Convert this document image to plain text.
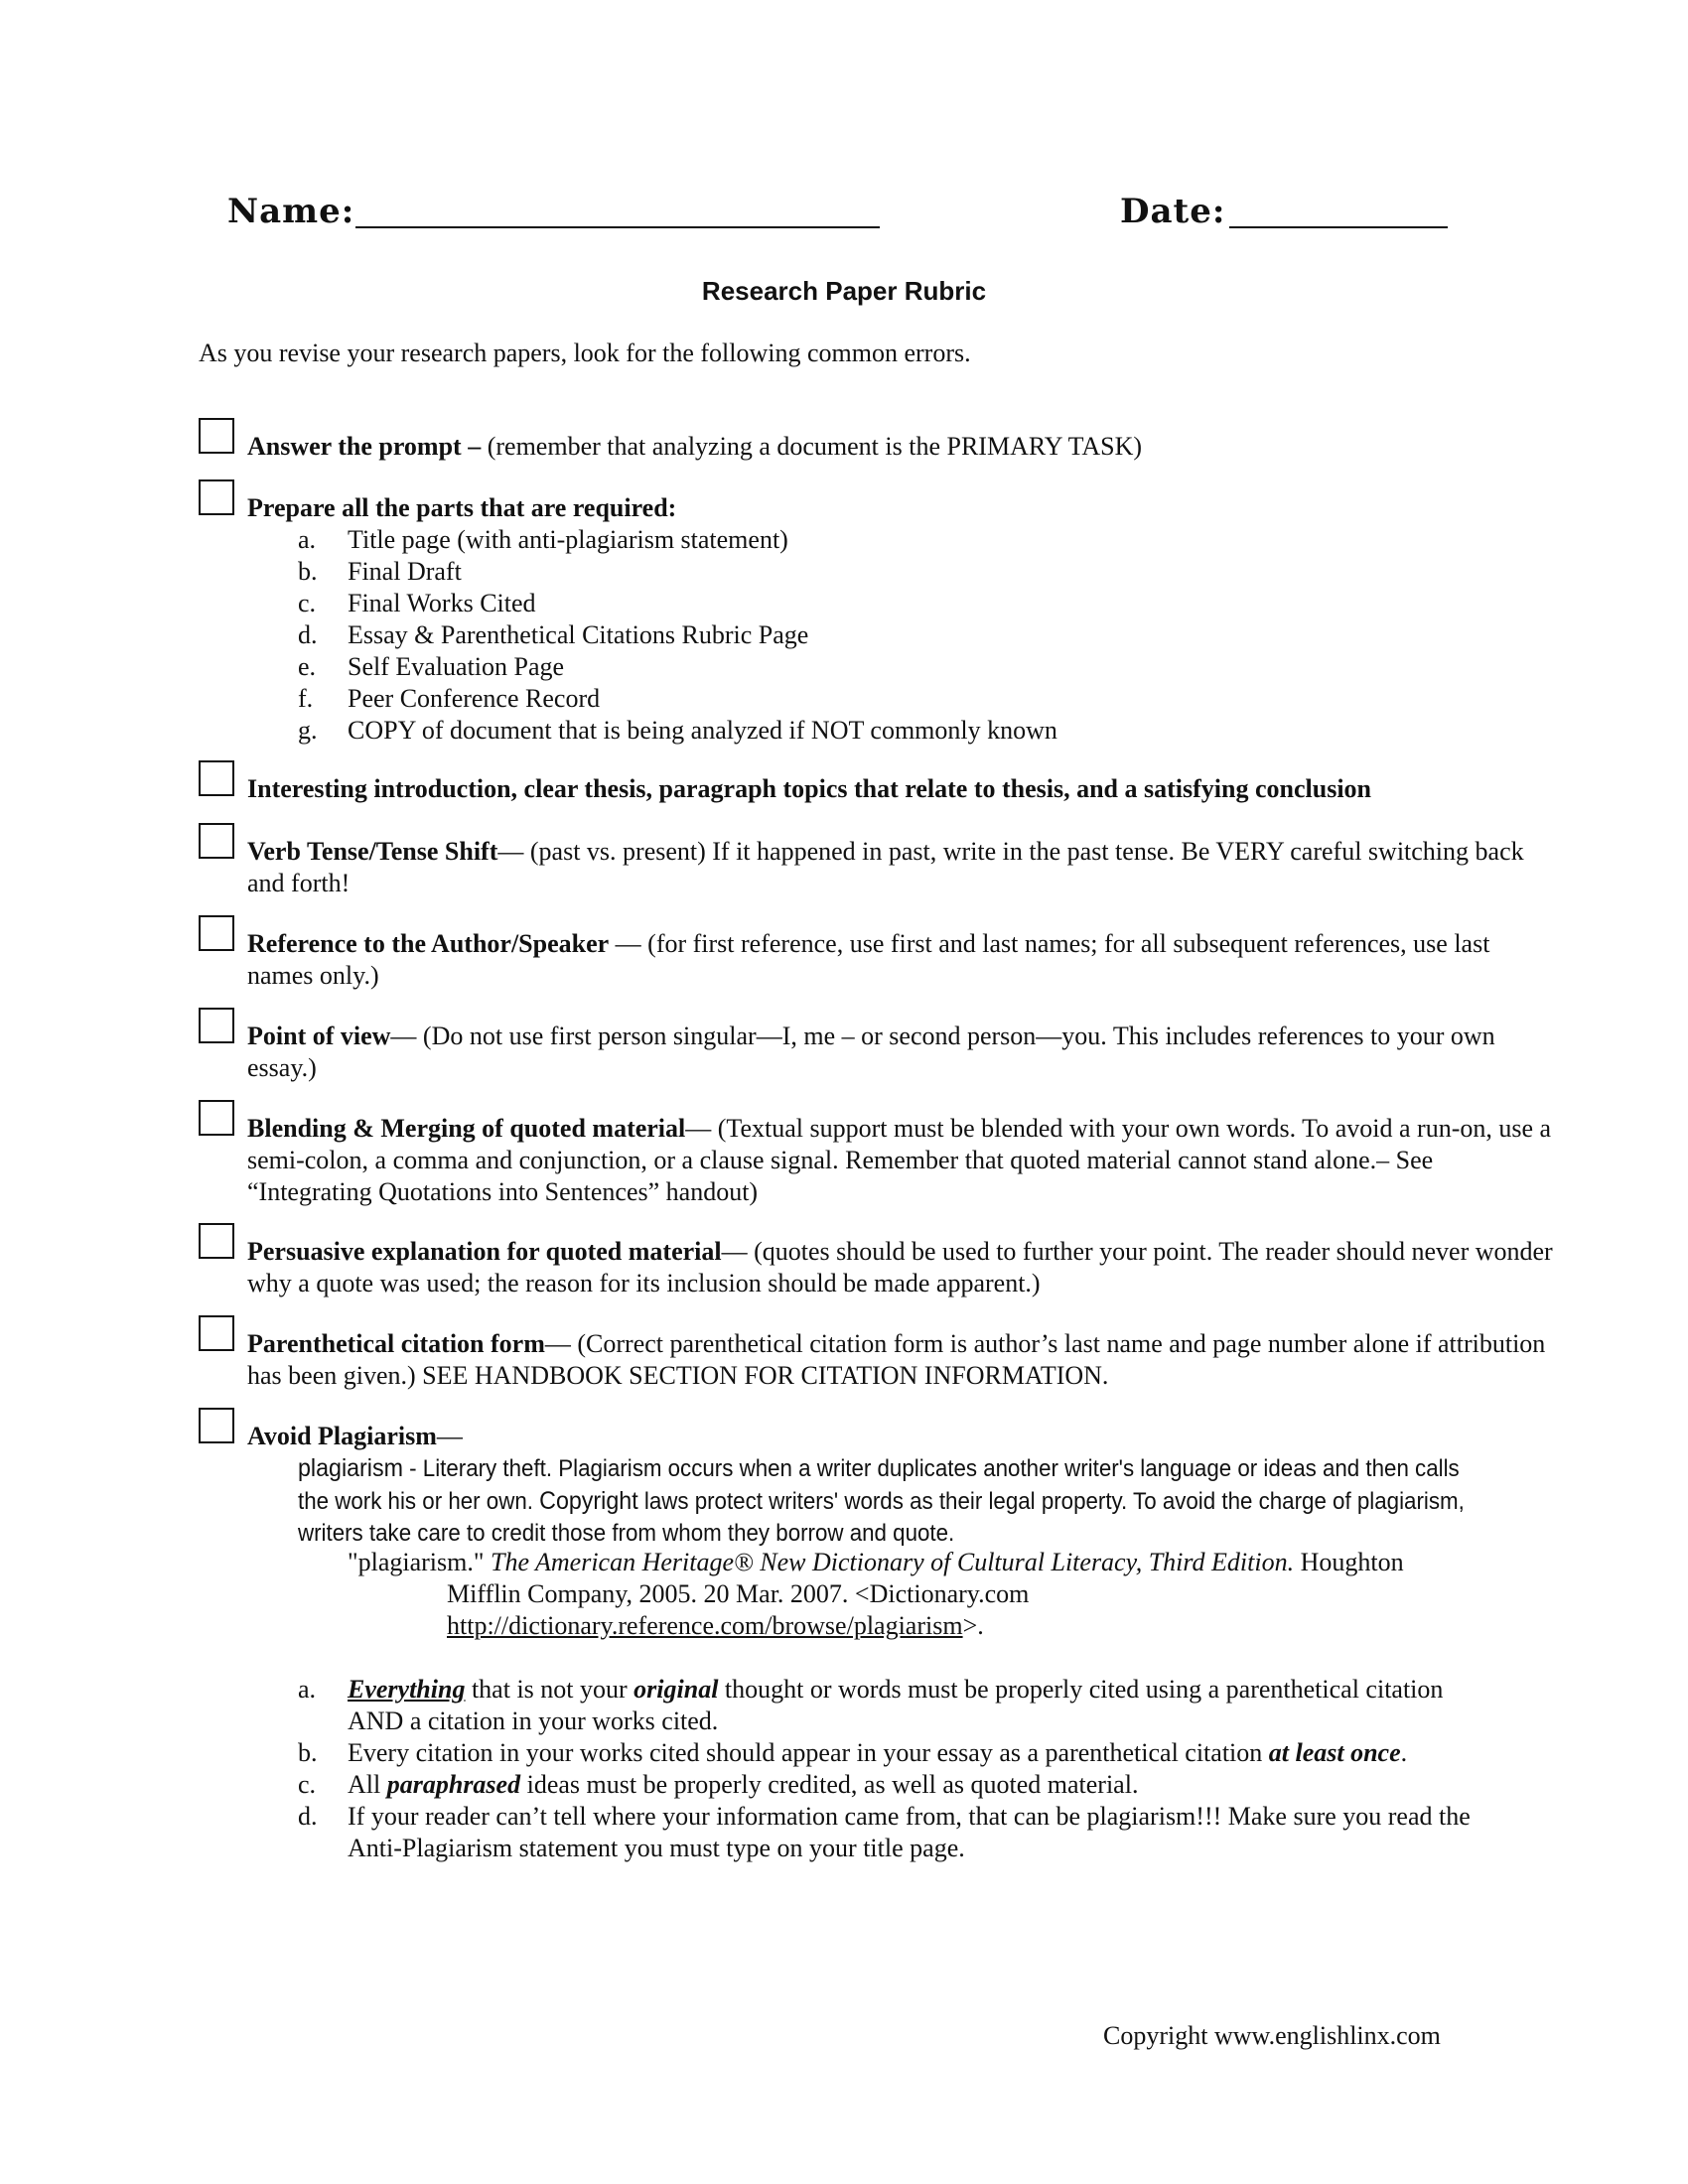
Name:	Date:
Research Paper Rubric
As you revise your research papers, look for the following common errors.
Answer the prompt – (remember that analyzing a document is the PRIMARY TASK)
Prepare all the parts that are required:
a. Title page (with anti-plagiarism statement)
b. Final Draft
c. Final Works Cited
d. Essay & Parenthetical Citations Rubric Page
e. Self Evaluation Page
f. Peer Conference Record
g. COPY of document that is being analyzed if NOT commonly known
Interesting introduction, clear thesis, paragraph topics that relate to thesis, and a satisfying conclusion
Verb Tense/Tense Shift— (past vs. present) If it happened in past, write in the past tense. Be VERY careful switching back and forth!
Reference to the Author/Speaker — (for first reference, use first and last names; for all subsequent references, use last names only.)
Point of view— (Do not use first person singular—I, me – or second person—you. This includes references to your own essay.)
Blending & Merging of quoted material— (Textual support must be blended with your own words. To avoid a run-on, use a semi-colon, a comma and conjunction, or a clause signal. Remember that quoted material cannot stand alone.– See “Integrating Quotations into Sentences” handout)
Persuasive explanation for quoted material— (quotes should be used to further your point. The reader should never wonder why a quote was used; the reason for its inclusion should be made apparent.)
Parenthetical citation form— (Correct parenthetical citation form is author’s last name and page number alone if attribution has been given.) SEE HANDBOOK SECTION FOR CITATION INFORMATION.
Avoid Plagiarism—
plagiarism - Literary theft. Plagiarism occurs when a writer duplicates another writer's language or ideas and then calls the work his or her own. Copyright laws protect writers' words as their legal property. To avoid the charge of plagiarism, writers take care to credit those from whom they borrow and quote.
"plagiarism." The American Heritage® New Dictionary of Cultural Literacy, Third Edition. Houghton
Mifflin Company, 2005. 20 Mar. 2007. <Dictionary.com
http://dictionary.reference.com/browse/plagiarism>.
a.	Everything that is not your original thought or words must be properly cited using a parenthetical citation AND a citation in your works cited.
b.	Every citation in your works cited should appear in your essay as a parenthetical citation at least once.
c.	All paraphrased ideas must be properly credited, as well as quoted material.
d.	If your reader can’t tell where your information came from, that can be plagiarism!!! Make sure you read the Anti-Plagiarism statement you must type on your title page.
Copyright www.englishlinx.com
